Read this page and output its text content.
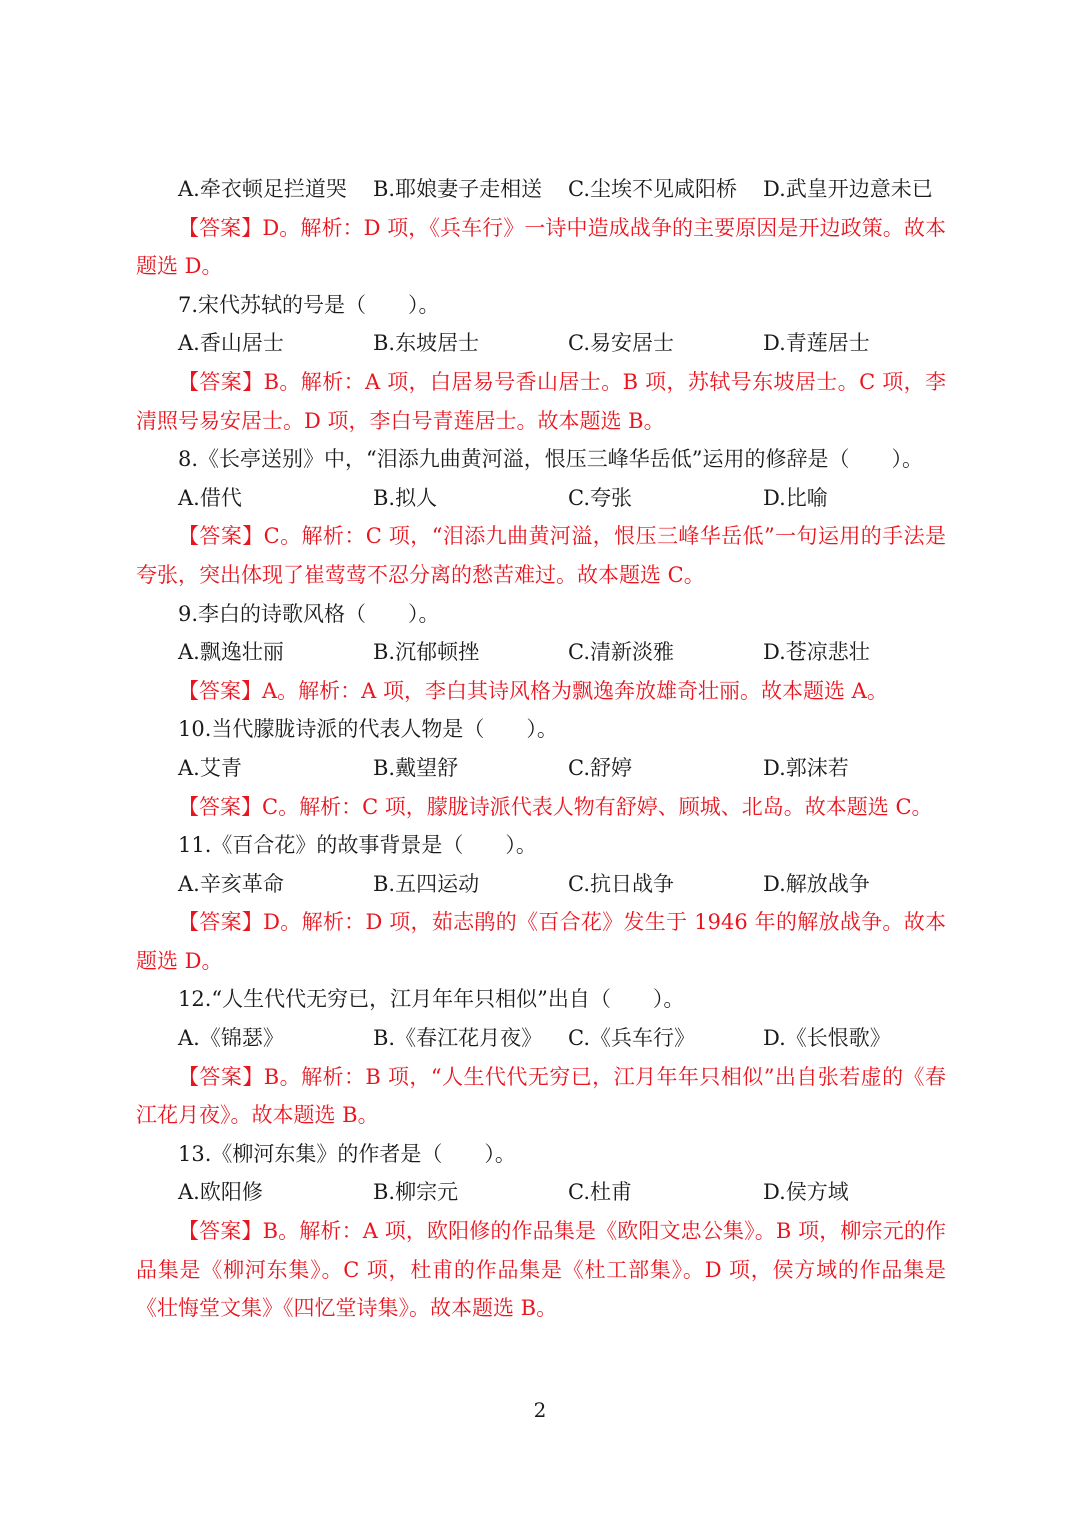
A.牵衣顿足拦道哭	B.耶娘妻子走相送	C.尘埃不见咸阳桥	D.武皇开边意未已

【答案】D。解析：D 项，《兵车行》一诗中造成战争的主要原因是开边政策。故本题选 D。

7.宋代苏轼的号是（　　）。
A.香山居士	B.东坡居士	C.易安居士	D.青莲居士

【答案】B。解析：A 项，白居易号香山居士。B 项，苏轼号东坡居士。C 项，李清照号易安居士。D 项，李白号青莲居士。故本题选 B。

8.《长亭送别》中，“泪添九曲黄河溢，恨压三峰华岳低”运用的修辞是（　　）。
A.借代	B.拟人	C.夸张	D.比喻

【答案】C。解析：C 项，“泪添九曲黄河溢，恨压三峰华岳低”一句运用的手法是夸张，突出体现了崔莺莺不忍分离的愁苦难过。故本题选 C。

9.李白的诗歌风格（　　）。
A.飘逸壮丽	B.沉郁顿挫	C.清新淡雅	D.苍凉悲壮

【答案】A。解析：A 项，李白其诗风格为飘逸奔放雄奇壮丽。故本题选 A。

10.当代朦胧诗派的代表人物是（　　）。
A.艾青	B.戴望舒	C.舒婷	D.郭沫若

【答案】C。解析：C 项，朦胧诗派代表人物有舒婷、顾城、北岛。故本题选 C。

11.《百合花》的故事背景是（　　）。
A.辛亥革命	B.五四运动	C.抗日战争	D.解放战争

【答案】D。解析：D 项，茹志鹃的《百合花》发生于 1946 年的解放战争。故本题选 D。

12.“人生代代无穷已，江月年年只相似”出自（　　）。
A.《锦瑟》	B.《春江花月夜》	C.《兵车行》	D.《长恨歌》

【答案】B。解析：B 项，“人生代代无穷已，江月年年只相似”出自张若虚的《春江花月夜》。故本题选 B。

13.《柳河东集》的作者是（　　）。
A.欧阳修	B.柳宗元	C.杜甫	D.侯方域

【答案】B。解析：A 项，欧阳修的作品集是《欧阳文忠公集》。B 项，柳宗元的作品集是《柳河东集》。C 项，杜甫的作品集是《杜工部集》。D 项，侯方域的作品集是《壮悔堂文集》《四忆堂诗集》。故本题选 B。

2
